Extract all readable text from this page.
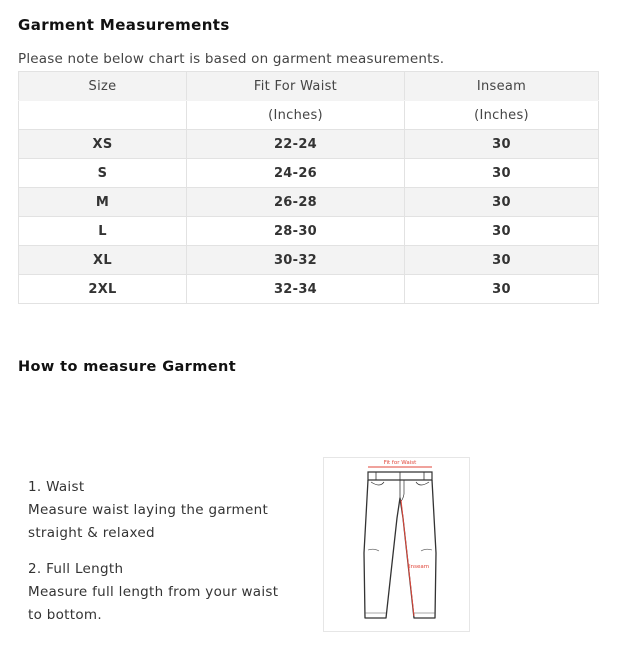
Garment Measurements
Please note below chart is based on garment measurements.
Size	Fit For Waist	Inseam
	(Inches)	(Inches)
XS	22-24	30
S	24-26	30
M	26-28	30
L	28-30	30
XL	30-32	30
2XL	32-34	30
How to measure Garment
1. Waist
Measure waist laying the garment
straight & relaxed
2. Full Length
Measure full length from your waist
to bottom.
Fit for Waist
Inseam
